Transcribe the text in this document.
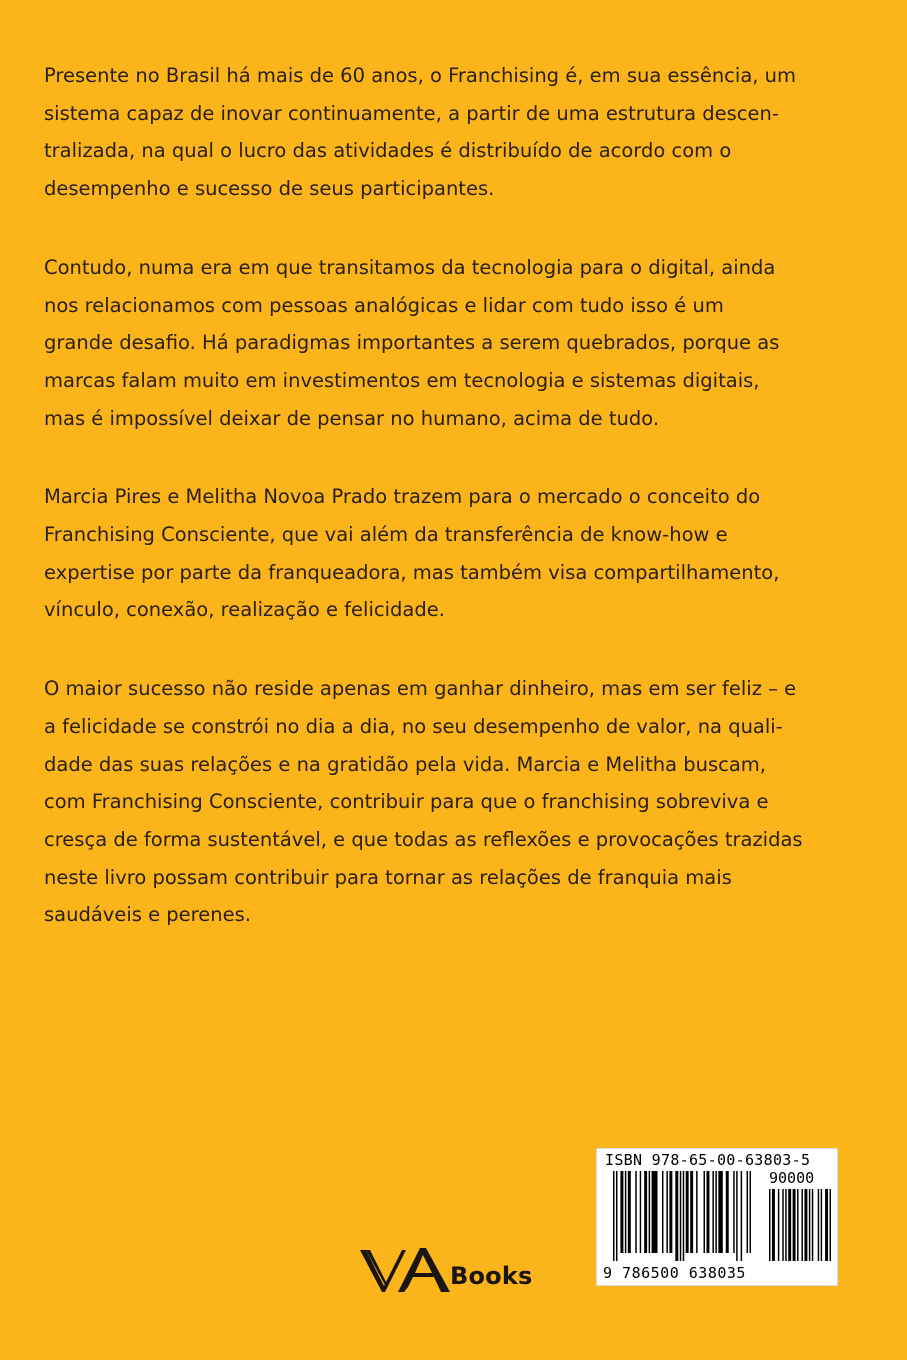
Presente no Brasil há mais de 60 anos, o Franchising é, em sua essência, um
sistema capaz de inovar continuamente, a partir de uma estrutura descen-
tralizada, na qual o lucro das atividades é distribuído de acordo com o
desempenho e sucesso de seus participantes.

Contudo, numa era em que transitamos da tecnologia para o digital, ainda
nos relacionamos com pessoas analógicas e lidar com tudo isso é um
grande desafio. Há paradigmas importantes a serem quebrados, porque as
marcas falam muito em investimentos em tecnologia e sistemas digitais,
mas é impossível deixar de pensar no humano, acima de tudo.

Marcia Pires e Melitha Novoa Prado trazem para o mercado o conceito do
Franchising Consciente, que vai além da transferência de know-how e
expertise por parte da franqueadora, mas também visa compartilhamento,
vínculo, conexão, realização e felicidade.

O maior sucesso não reside apenas em ganhar dinheiro, mas em ser feliz – e
a felicidade se constrói no dia a dia, no seu desempenho de valor, na quali-
dade das suas relações e na gratidão pela vida. Marcia e Melitha buscam,
com Franchising Consciente, contribuir para que o franchising sobreviva e
cresça de forma sustentável, e que todas as reflexões e provocações trazidas
neste livro possam contribuir para tornar as relações de franquia mais
saudáveis e perenes.

Books
ISBN 978-65-00-63803-5
90000
9 786500 638035
